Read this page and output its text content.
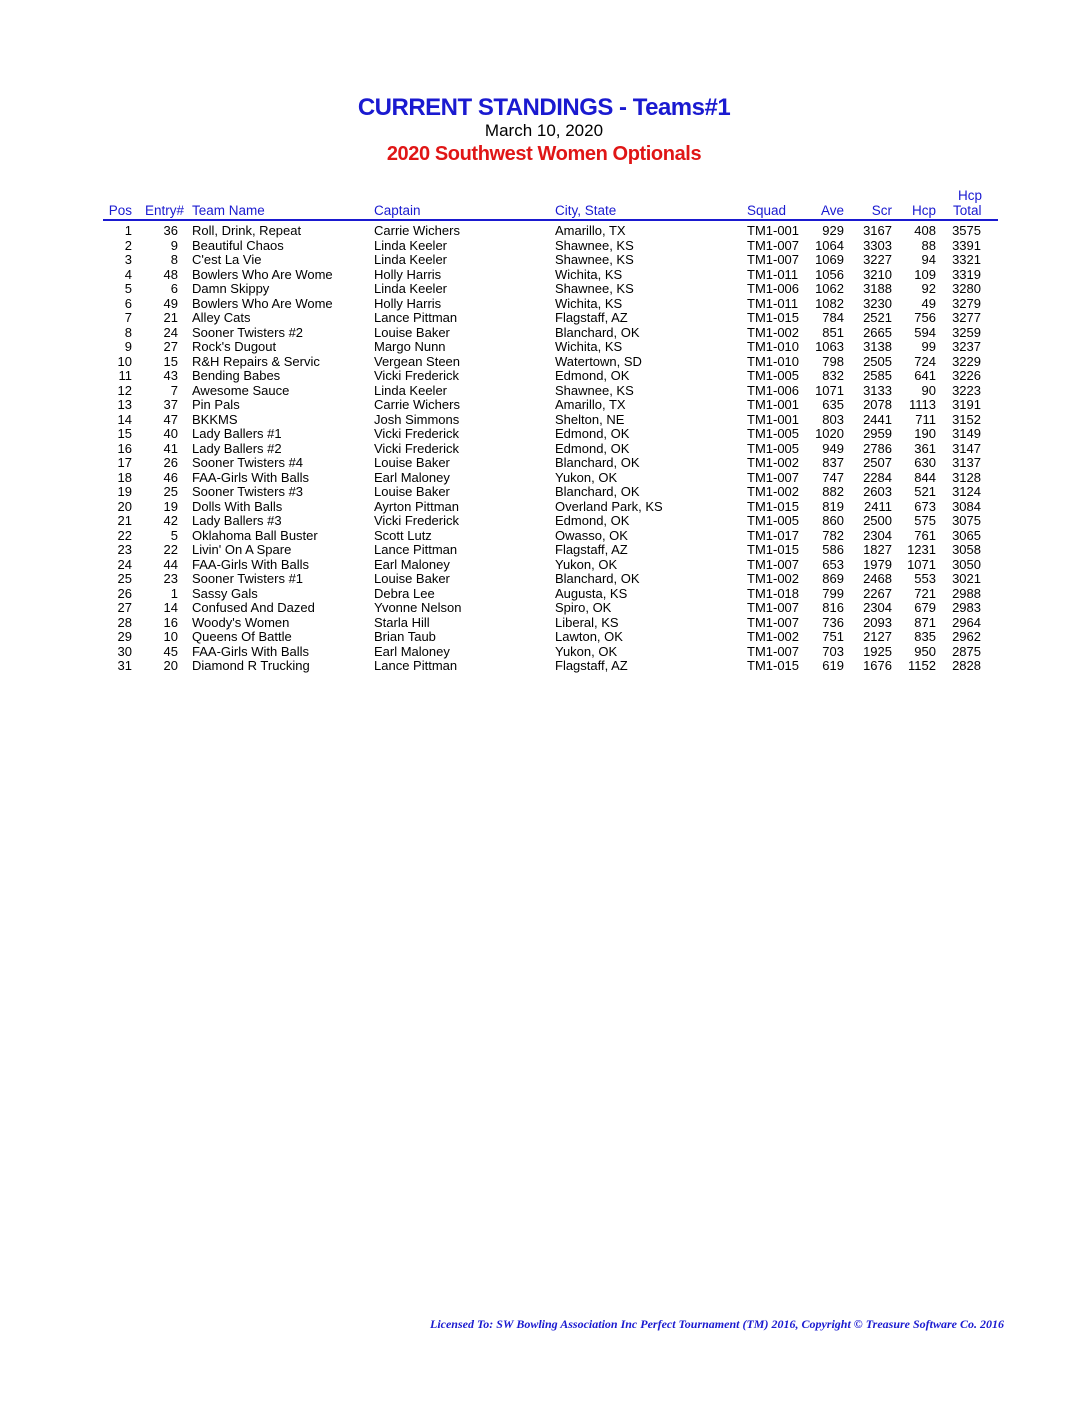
CURRENT STANDINGS - Teams#1
March 10, 2020
2020 Southwest Women Optionals
Pos Entry# Team Name	Captain	City, State	Squad	Ave Scr Hcp
Hcp
Total
1 36 Roll, Drink, Repeat	Carrie Wichers	Amarillo, TX	TM1-001 929 3167 408 3575
2	9 Beautiful Chaos	Linda Keeler	Shawnee, KS	TM1-007 1064 3303 88 3391
3	8 C'est La Vie	Linda Keeler	Shawnee, KS	TM1-007 1069 3227 94 3321
4 48 Bowlers Who Are Wome	Holly Harris	Wichita, KS	TM1-011 1056 3210 109 3319
5	6 Damn Skippy	Linda Keeler	Shawnee, KS	TM1-006 1062 3188 92 3280
6 49 Bowlers Who Are Wome	Holly Harris	Wichita, KS	TM1-011 1082 3230 49 3279
7 21 Alley Cats	Lance Pittman	Flagstaff, AZ	TM1-015 784 2521 756 3277
8 24 Sooner Twisters #2	Louise Baker	Blanchard, OK	TM1-002 851 2665 594 3259
9 27 Rock's Dugout	Margo Nunn	Wichita, KS	TM1-010 1063 3138 99 3237
10 15 R&H Repairs & Servic	Vergean Steen	Watertown, SD	TM1-010 798 2505 724 3229
11 43 Bending Babes	Vicki Frederick	Edmond, OK	TM1-005 832 2585 641 3226
12	7 Awesome Sauce	Linda Keeler	Shawnee, KS	TM1-006 1071 3133 90 3223
13 37 Pin Pals	Carrie Wichers	Amarillo, TX	TM1-001 635 2078 1113 3191
14 47 BKKMS	Josh Simmons	Shelton, NE	TM1-001 803 2441 711 3152
15 40 Lady Ballers #1	Vicki Frederick	Edmond, OK	TM1-005 1020 2959 190 3149
16 41 Lady Ballers #2	Vicki Frederick	Edmond, OK	TM1-005 949 2786 361 3147
17 26 Sooner Twisters #4	Louise Baker	Blanchard, OK	TM1-002 837 2507 630 3137
18 46 FAA-Girls With Balls	Earl Maloney	Yukon, OK	TM1-007 747 2284 844 3128
19 25 Sooner Twisters #3	Louise Baker	Blanchard, OK	TM1-002 882 2603 521 3124
20 19 Dolls With Balls	Ayrton Pittman	Overland Park, KS	TM1-015 819 2411 673 3084
21 42 Lady Ballers #3	Vicki Frederick	Edmond, OK	TM1-005 860 2500 575 3075
22	5 Oklahoma Ball Buster	Scott Lutz	Owasso, OK	TM1-017 782 2304 761 3065
23 22 Livin' On A Spare	Lance Pittman	Flagstaff, AZ	TM1-015 586 1827 1231 3058
24 44 FAA-Girls With Balls	Earl Maloney	Yukon, OK	TM1-007 653 1979 1071 3050
25 23 Sooner Twisters #1	Louise Baker	Blanchard, OK	TM1-002 869 2468 553 3021
26	1 Sassy Gals	Debra Lee	Augusta, KS	TM1-018 799 2267 721 2988
27 14 Confused And Dazed	Yvonne Nelson	Spiro, OK	TM1-007 816 2304 679 2983
28 16 Woody's Women	Starla Hill	Liberal, KS	TM1-007 736 2093 871 2964
29 10 Queens Of Battle	Brian Taub	Lawton, OK	TM1-002 751 2127 835 2962
30 45 FAA-Girls With Balls	Earl Maloney	Yukon, OK	TM1-007 703 1925 950 2875
31 20 Diamond R Trucking	Lance Pittman	Flagstaff, AZ	TM1-015 619 1676 1152 2828
Licensed To: SW Bowling Association Inc Perfect Tournament (TM) 2016, Copyright © Treasure Software Co. 2016
